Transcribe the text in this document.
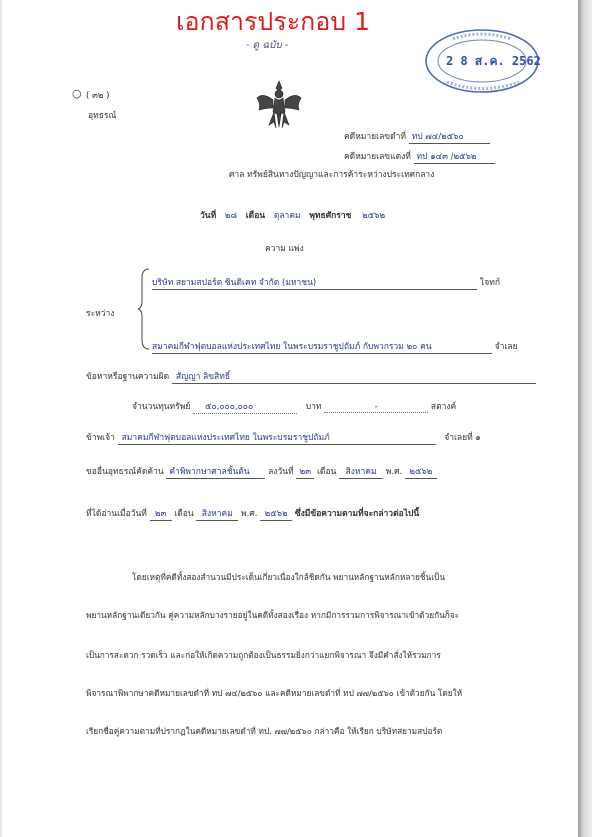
เอกสารประกอบ 1
- ดู ฉบับ -
2 8 ส.ค. 2562
○ ( ๓๒ )
อุทธรณ์
คดีหมายเลขดำที่ ทป ๗๔/๒๕๖๐
คดีหมายเลขแดงที่ ทป ๑๔๓ /๒๕๖๒
ศาล ทรัพย์สินทางปัญญาและการค้าระหว่างประเทศกลาง
วันที่ ๒๘ เดือน ตุลาคม พุทธศักราช ๒๕๖๒
ความ แพ่ง
บริษัท สยามสปอร์ต ซินดิเคท จำกัด (มหาชน)	โจทก์
ระหว่าง
สมาคมกีฬาฟุตบอลแห่งประเทศไทย ในพระบรมราชูปถัมภ์ กับพวกรวม ๒๐ คน	จำเลย
ข้อหาหรือฐานความผิด สัญญา ลิขสิทธิ์
จำนวนทุนทรัพย์ ๕๐,๐๐๐,๐๐๐	บาท	-	สตางค์
ข้าพเจ้า สมาคมกีฬาฟุตบอลแห่งประเทศไทย ในพระบรมราชูปถัมภ์	จำเลยที่ ๑
ขออื่นอุทธรณ์คัดค้าน คำพิพากษาศาลชั้นต้น ลงวันที่ ๒๓ เดือน สิงหาคม พ.ศ. ๒๕๖๒
ที่ได้อ่านเมื่อวันที่ ๒๓ เดือน สิงหาคม พ.ศ. ๒๕๖๒ ซึ่งมีข้อความตามที่จะกล่าวต่อไปนี้
โดยเหตุที่คดีทั้งสองสำนวนมีประเด็นเกี่ยวเนื่องใกล้ชิดกัน พยานหลักฐานหลักหลายชิ้นเป็น
พยานหลักฐานเดียวกัน คู่ความหลักบางรายอยู่ในคดีทั้งสองเรื่อง หากมีการรวมการพิจารณาเข้าด้วยกันก็จะ
เป็นการสะดวก รวดเร็ว และก่อให้เกิดความถูกต้องเป็นธรรมยิ่งกว่าแยกพิจารณา จึงมีคำสั่งให้รวมการ
พิจารณาพิพากษาคดีหมายเลขดำที่ ทป ๗๔/๒๕๖๐ และคดีหมายเลขดำที่ ทป ๗๗/๒๕๖๐ เข้าด้วยกัน โดยให้
เรียกชื่อคู่ความตามที่ปรากฏในคดีหมายเลขดำที่ ทป. ๗๗/๒๕๖๐ กล่าวคือ ให้เรียก บริษัทสยามสปอร์ต
